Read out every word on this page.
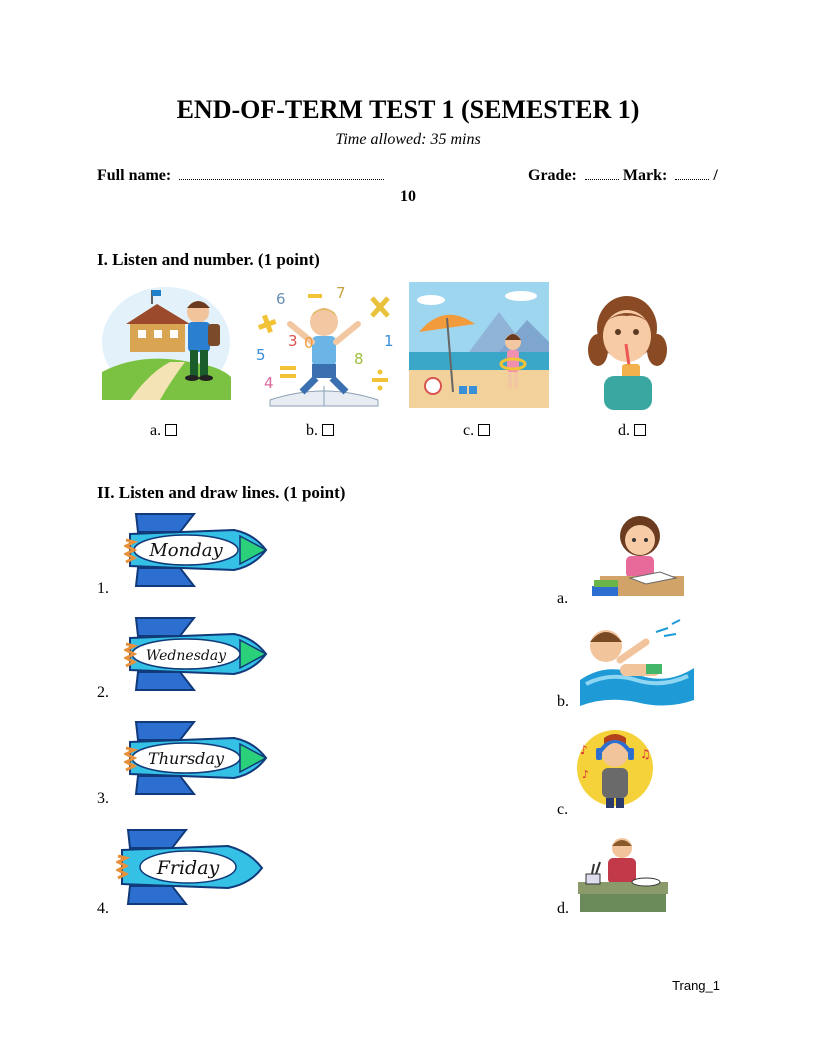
END-OF-TERM TEST 1 (SEMESTER 1)
Time allowed: 35 mins
Full name:	Grade:	Mark:	/
10
I. Listen and number. (1 point)
6	7
3 0
5
1
8
4
a.	b.	c.	d.
II. Listen and draw lines. (1 point)
Monday
Wednesday
Thursday
Friday
1.
2.
3.
4.
♪	♫
♪
a.
b.
c.
d.
Trang_1
